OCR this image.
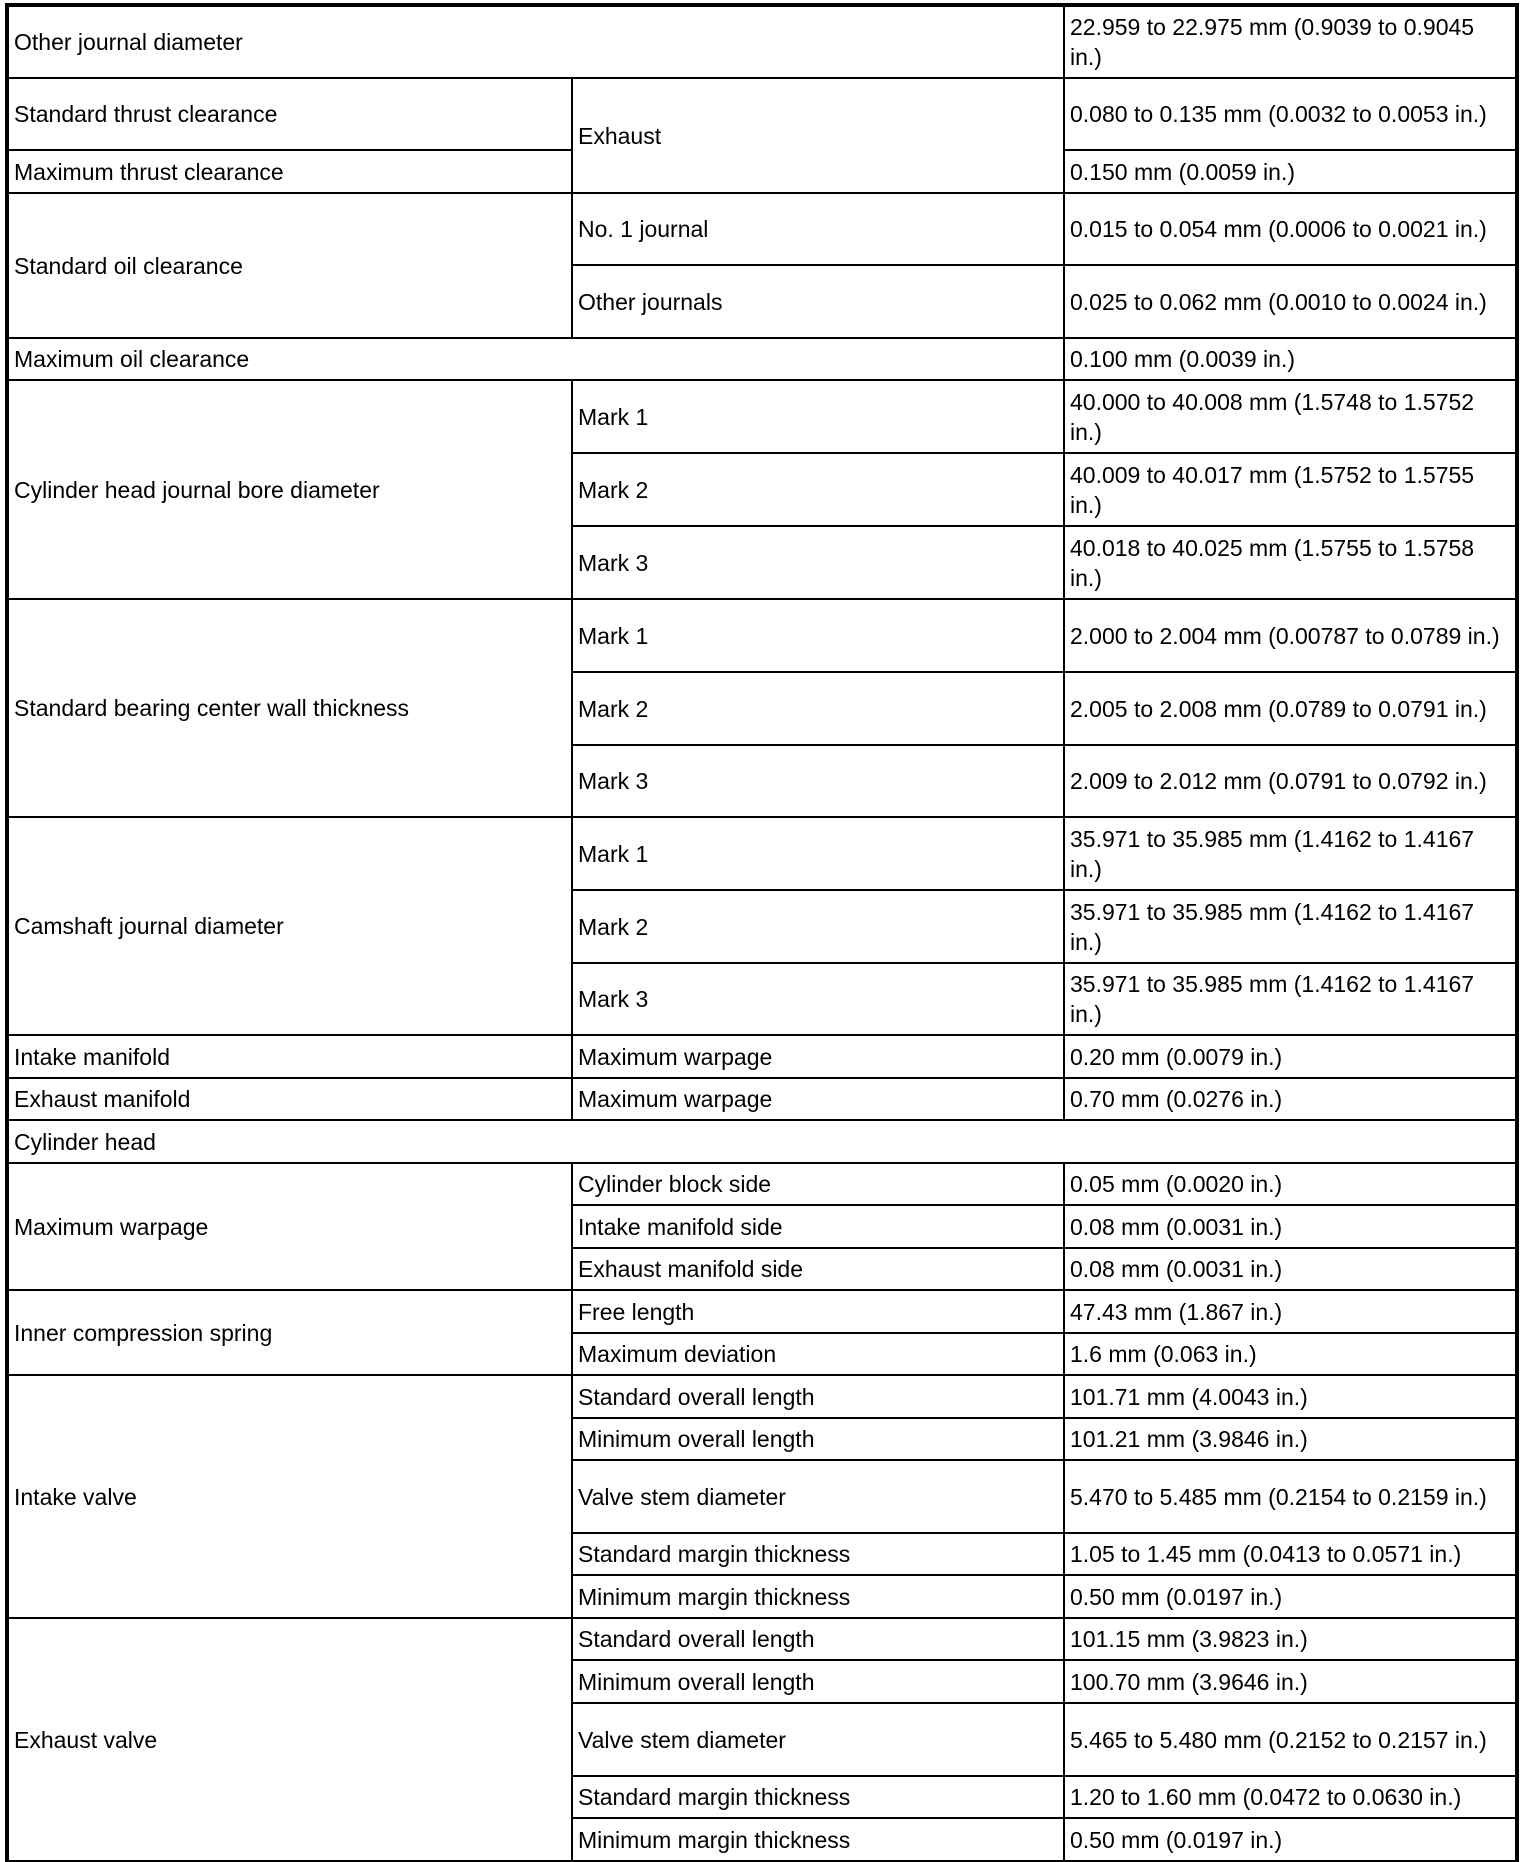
Other journal diameter		22.959 to 22.975 mm (0.9039 to 0.9045 in.)
Standard thrust clearance	Exhaust	0.080 to 0.135 mm (0.0032 to 0.0053 in.)
Maximum thrust clearance		0.150 mm (0.0059 in.)
Standard oil clearance	No. 1 journal	0.015 to 0.054 mm (0.0006 to 0.0021 in.)
	Other journals	0.025 to 0.062 mm (0.0010 to 0.0024 in.)
Maximum oil clearance		0.100 mm (0.0039 in.)
Cylinder head journal bore diameter	Mark 1	40.000 to 40.008 mm (1.5748 to 1.5752 in.)
	Mark 2	40.009 to 40.017 mm (1.5752 to 1.5755 in.)
	Mark 3	40.018 to 40.025 mm (1.5755 to 1.5758 in.)
Standard bearing center wall thickness	Mark 1	2.000 to 2.004 mm (0.00787 to 0.0789 in.)
	Mark 2	2.005 to 2.008 mm (0.0789 to 0.0791 in.)
	Mark 3	2.009 to 2.012 mm (0.0791 to 0.0792 in.)
Camshaft journal diameter	Mark 1	35.971 to 35.985 mm (1.4162 to 1.4167 in.)
	Mark 2	35.971 to 35.985 mm (1.4162 to 1.4167 in.)
	Mark 3	35.971 to 35.985 mm (1.4162 to 1.4167 in.)
Intake manifold	Maximum warpage	0.20 mm (0.0079 in.)
Exhaust manifold	Maximum warpage	0.70 mm (0.0276 in.)
Cylinder head		
Maximum warpage	Cylinder block side	0.05 mm (0.0020 in.)
	Intake manifold side	0.08 mm (0.0031 in.)
	Exhaust manifold side	0.08 mm (0.0031 in.)
Inner compression spring	Free length	47.43 mm (1.867 in.)
	Maximum deviation	1.6 mm (0.063 in.)
Intake valve	Standard overall length	101.71 mm (4.0043 in.)
	Minimum overall length	101.21 mm (3.9846 in.)
	Valve stem diameter	5.470 to 5.485 mm (0.2154 to 0.2159 in.)
	Standard margin thickness	1.05 to 1.45 mm (0.0413 to 0.0571 in.)
	Minimum margin thickness	0.50 mm (0.0197 in.)
Exhaust valve	Standard overall length	101.15 mm (3.9823 in.)
	Minimum overall length	100.70 mm (3.9646 in.)
	Valve stem diameter	5.465 to 5.480 mm (0.2152 to 0.2157 in.)
	Standard margin thickness	1.20 to 1.60 mm (0.0472 to 0.0630 in.)
	Minimum margin thickness	0.50 mm (0.0197 in.)
